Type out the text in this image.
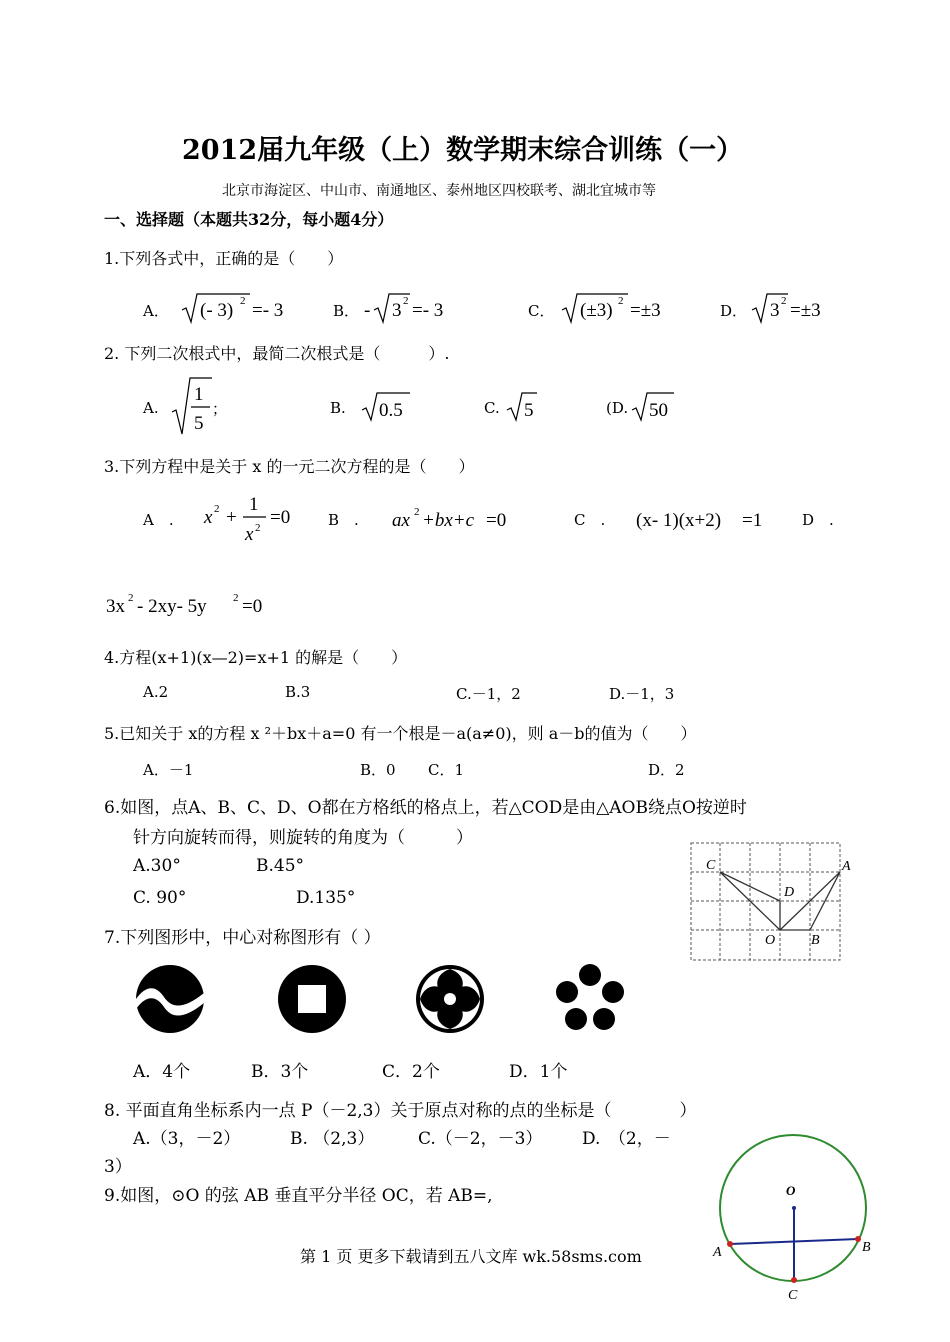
2012届九年级（上）数学期末综合训练（一）
北京市海淀区、中山市、南通地区、泰州地区四校联考、湖北宜城市等
一、选择题（本题共32分，每小题4分）
1.下列各式中，正确的是（　　）
A． (- 3) 2 =- 3	B． - 3 2 =- 3	C． (±3) 2 =±3	D． 3 2 =±3
2. 下列二次根式中，最简二次根式是（　　　）.
A.
1
5
；	B. 0.5	C. 5	(D. 50
3.下列方程中是关于 x 的一元二次方程的是（　　）
A　. x 2 +
1
x 2 =0	B　. ax 2 +bx+c =0	C　. (x- 1)(x+2) =1	D　.
3x 2 - 2xy- 5y 2 =0
4.方程(x+1)(x—2)=x+1 的解是（　　）
A.2	B.3	C.－1，2	D.－1，3
5.已知关于 x的方程 x ²＋bx＋a=0 有一个根是－a(a≠0)，则 a－b的值为（　　）
A．－1	B．0 C．1	D．2
6.如图，点A、B、C、D、O都在方格纸的格点上，若△COD是由△AOB绕点O按逆时
针方向旋转而得，则旋转的角度为（　　　）
A.30°	B.45°
C. 90°	D.135°
C	A
D
O	B
7.下列图形中，中心对称图形有（ ）
A．4个	B．3个	C．2个	D．1个
8. 平面直角坐标系内一点 P（－2,3）关于原点对称的点的坐标是（　　　　）
A.（3，－2）	B. （2,3）	C.（－2，－3） D.　（2，－
3）
9.如图，⊙O 的弦 AB 垂直平分半径 OC，若 AB=,	O
A	B
C
第 1 页 更多下载请到五八文库 wk.58sms.com
